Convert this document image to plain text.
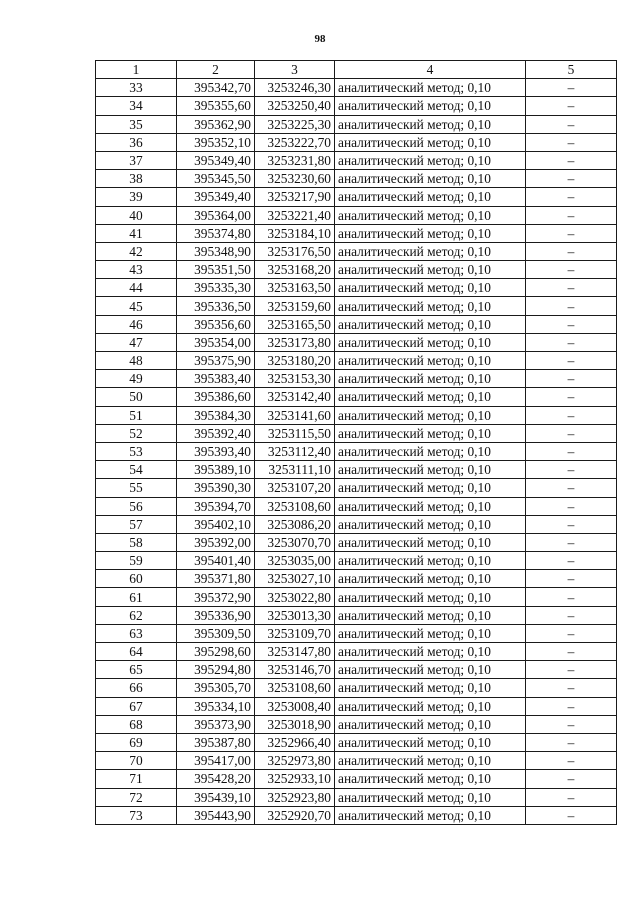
98
1	2	3	4	5
33	395342,70	3253246,30	аналитический метод; 0,10	–
34	395355,60	3253250,40	аналитический метод; 0,10	–
35	395362,90	3253225,30	аналитический метод; 0,10	–
36	395352,10	3253222,70	аналитический метод; 0,10	–
37	395349,40	3253231,80	аналитический метод; 0,10	–
38	395345,50	3253230,60	аналитический метод; 0,10	–
39	395349,40	3253217,90	аналитический метод; 0,10	–
40	395364,00	3253221,40	аналитический метод; 0,10	–
41	395374,80	3253184,10	аналитический метод; 0,10	–
42	395348,90	3253176,50	аналитический метод; 0,10	–
43	395351,50	3253168,20	аналитический метод; 0,10	–
44	395335,30	3253163,50	аналитический метод; 0,10	–
45	395336,50	3253159,60	аналитический метод; 0,10	–
46	395356,60	3253165,50	аналитический метод; 0,10	–
47	395354,00	3253173,80	аналитический метод; 0,10	–
48	395375,90	3253180,20	аналитический метод; 0,10	–
49	395383,40	3253153,30	аналитический метод; 0,10	–
50	395386,60	3253142,40	аналитический метод; 0,10	–
51	395384,30	3253141,60	аналитический метод; 0,10	–
52	395392,40	3253115,50	аналитический метод; 0,10	–
53	395393,40	3253112,40	аналитический метод; 0,10	–
54	395389,10	3253111,10	аналитический метод; 0,10	–
55	395390,30	3253107,20	аналитический метод; 0,10	–
56	395394,70	3253108,60	аналитический метод; 0,10	–
57	395402,10	3253086,20	аналитический метод; 0,10	–
58	395392,00	3253070,70	аналитический метод; 0,10	–
59	395401,40	3253035,00	аналитический метод; 0,10	–
60	395371,80	3253027,10	аналитический метод; 0,10	–
61	395372,90	3253022,80	аналитический метод; 0,10	–
62	395336,90	3253013,30	аналитический метод; 0,10	–
63	395309,50	3253109,70	аналитический метод; 0,10	–
64	395298,60	3253147,80	аналитический метод; 0,10	–
65	395294,80	3253146,70	аналитический метод; 0,10	–
66	395305,70	3253108,60	аналитический метод; 0,10	–
67	395334,10	3253008,40	аналитический метод; 0,10	–
68	395373,90	3253018,90	аналитический метод; 0,10	–
69	395387,80	3252966,40	аналитический метод; 0,10	–
70	395417,00	3252973,80	аналитический метод; 0,10	–
71	395428,20	3252933,10	аналитический метод; 0,10	–
72	395439,10	3252923,80	аналитический метод; 0,10	–
73	395443,90	3252920,70	аналитический метод; 0,10	–
